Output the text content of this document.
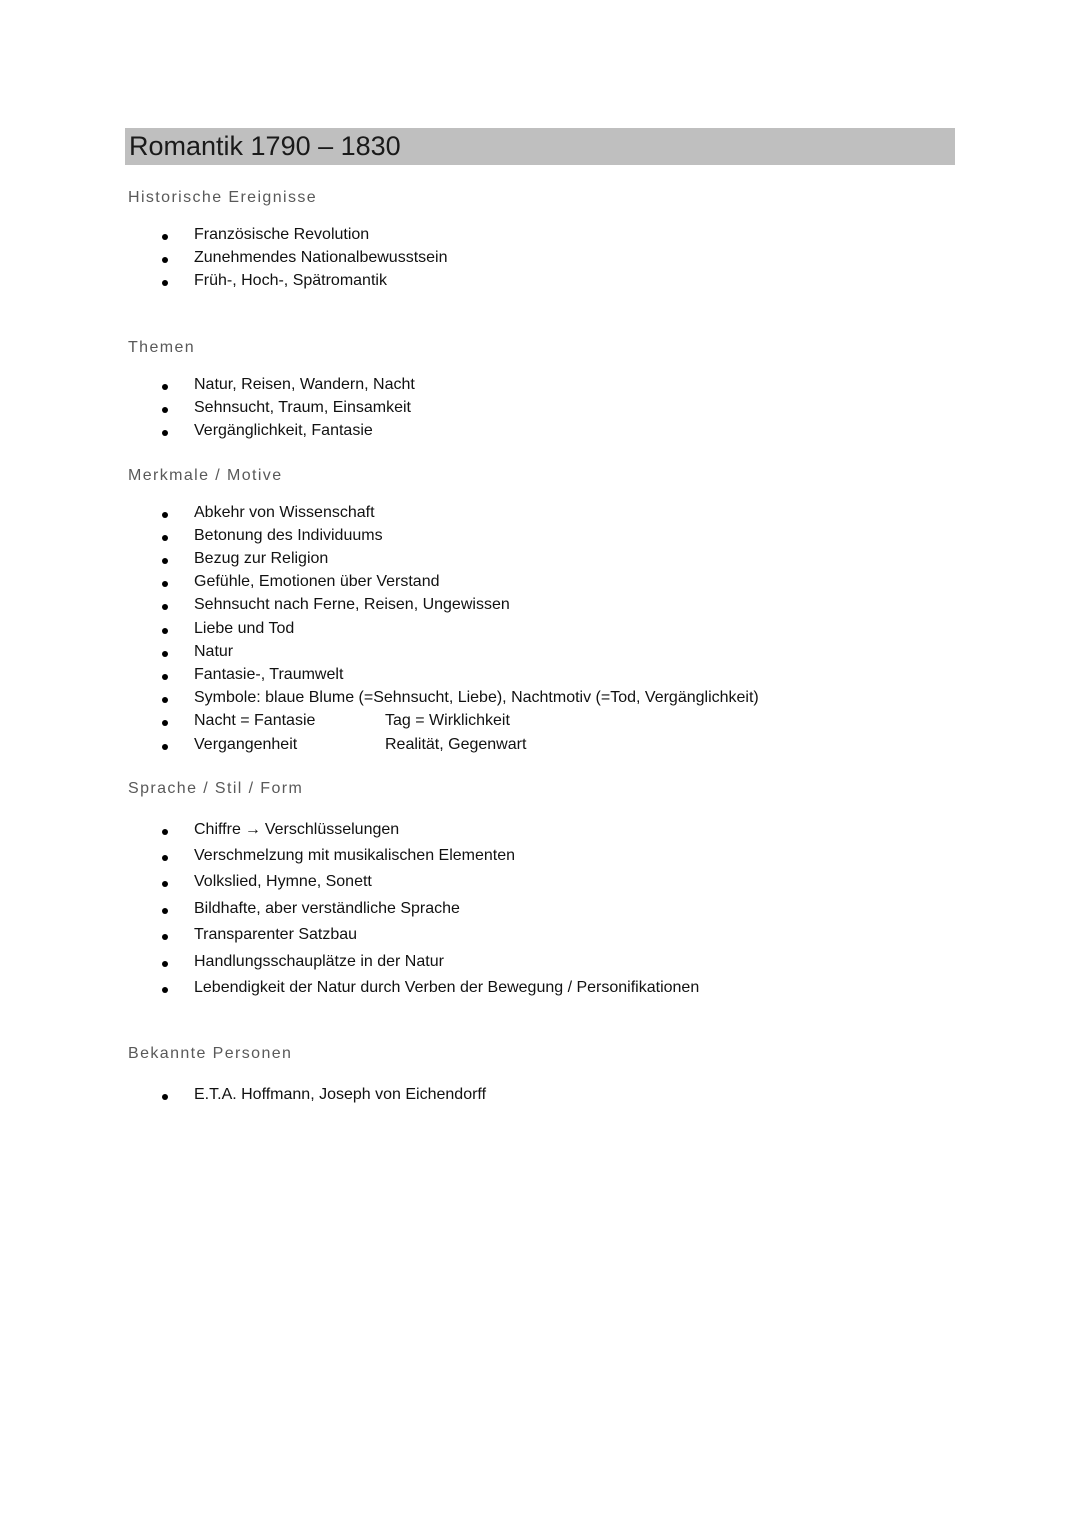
Romantik 1790 – 1830
Historische Ereignisse
Französische Revolution
Zunehmendes Nationalbewusstsein
Früh-, Hoch-, Spätromantik
Themen
Natur, Reisen, Wandern, Nacht
Sehnsucht, Traum, Einsamkeit
Vergänglichkeit, Fantasie
Merkmale / Motive
Abkehr von Wissenschaft
Betonung des Individuums
Bezug zur Religion
Gefühle, Emotionen über Verstand
Sehnsucht nach Ferne, Reisen, Ungewissen
Liebe und Tod
Natur
Fantasie-, Traumwelt
Symbole: blaue Blume (=Sehnsucht, Liebe), Nachtmotiv (=Tod, Vergänglichkeit)
Nacht = Fantasie	Tag = Wirklichkeit
Vergangenheit	Realität, Gegenwart
Sprache / Stil / Form
Chiffre → Verschlüsselungen
Verschmelzung mit musikalischen Elementen
Volkslied, Hymne, Sonett
Bildhafte, aber verständliche Sprache
Transparenter Satzbau
Handlungsschauplätze in der Natur
Lebendigkeit der Natur durch Verben der Bewegung / Personifikationen
Bekannte Personen
E.T.A. Hoffmann, Joseph von Eichendorff
